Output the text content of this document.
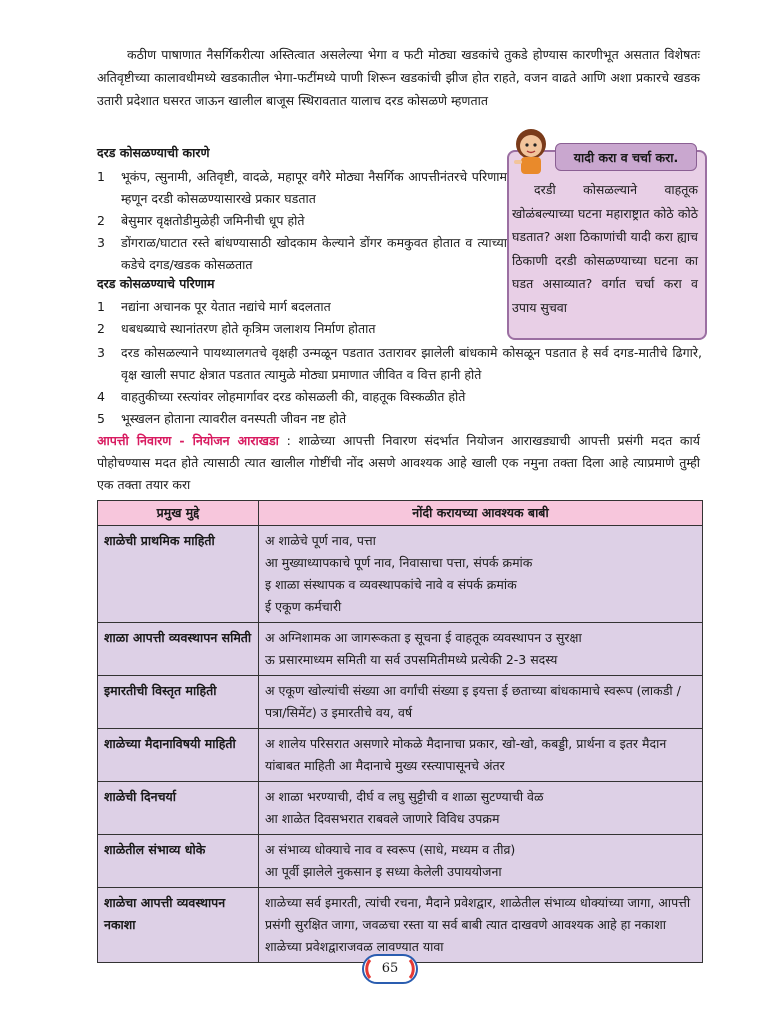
कठीण पाषाणात नैसर्गिकरीत्या अस्तित्वात असलेल्या भेगा व फटी मोठ्या खडकांचे तुकडे होण्यास कारणीभूत असतात विशेषतः अतिवृष्टीच्या कालावधीमध्ये खडकातील भेगा-फटींमध्ये पाणी शिरून खडकांची झीज होत राहते, वजन वाढते आणि अशा प्रकारचे खडक उतारी प्रदेशात घसरत जाऊन खालील बाजूस स्थिरावतात यालाच दरड कोसळणे म्हणतात

दरड कोसळण्याची कारणे
1	भूकंप, त्सुनामी, अतिवृष्टी, वादळे, महापूर वगैरे मोठ्या नैसर्गिक आपत्तीनंतरचे परिणाम म्हणून दरडी कोसळण्यासारखे प्रकार घडतात
2	बेसुमार वृक्षतोडीमुळेही जमिनीची धूप होते
3	डोंगराळ/घाटात रस्ते बांधण्यासाठी खोदकाम केल्याने डोंगर कमकुवत होतात व त्याच्या कडेचे दगड/खडक कोसळतात
दरड कोसळण्याचे परिणाम
1	नद्यांना अचानक पूर येतात नद्यांचे मार्ग बदलतात
2	धबधब्याचे स्थानांतरण होते कृत्रिम जलाशय निर्माण होतात
3	दरड कोसळल्याने पायथ्यालगतचे वृक्षही उन्मळून पडतात उतारावर झालेली बांधकामे कोसळून पडतात हे सर्व दगड-मातीचे ढिगारे, वृक्ष खाली सपाट क्षेत्रात पडतात त्यामुळे मोठ्या प्रमाणात जीवित व वित्त हानी होते
4	वाहतुकीच्या रस्त्यांवर लोहमार्गावर दरड कोसळली की, वाहतूक विस्कळीत होते
5	भूस्खलन होताना त्यावरील वनस्पती जीवन नष्ट होते

आपत्ती निवारण - नियोजन आराखडा : शाळेच्या आपत्ती निवारण संदर्भात नियोजन आराखड्याची आपत्ती प्रसंगी मदत कार्य पोहोचण्यास मदत होते त्यासाठी त्यात खालील गोष्टींची नोंद असणे आवश्यक आहे खाली एक नमुना तक्ता दिला आहे त्याप्रमाणे तुम्ही एक तक्ता तयार करा

यादी करा व चर्चा करा.
दरडी कोसळल्याने वाहतूक खोळंबल्याच्या घटना महाराष्ट्रात कोठे कोठे घडतात? अशा ठिकाणांची यादी करा ह्याच ठिकाणी दरडी कोसळण्याच्या घटना का घडत असाव्यात? वर्गात चर्चा करा व उपाय सुचवा
प्रमुख मुद्दे	नोंदी करायच्या आवश्यक बाबी
शाळेची प्राथमिक माहिती	अ शाळेचे पूर्ण नाव, पत्ता
आ मुख्याध्यापकाचे पूर्ण नाव, निवासाचा पत्ता, संपर्क क्रमांक
इ शाळा संस्थापक व व्यवस्थापकांचे नावे व संपर्क क्रमांक
ई एकूण कर्मचारी

शाळा आपत्ती व्यवस्थापन समिती	अ अग्निशामक आ जागरूकता इ सूचना ई वाहतूक व्यवस्थापन उ सुरक्षा
ऊ प्रसारमाध्यम समिती या सर्व उपसमितीमध्ये प्रत्येकी 2-3 सदस्य

इमारतीची विस्तृत माहिती	अ एकूण खोल्यांची संख्या आ वर्गांची संख्या इ इयत्ता ई छताच्या बांधकामाचे स्वरूप (लाकडी /पत्रा/सिमेंट) उ इमारतीचे वय, वर्ष

शाळेच्या मैदानाविषयी माहिती	अ शालेय परिसरात असणारे मोकळे मैदानाचा प्रकार, खो-खो, कबड्डी, प्रार्थना व इतर मैदान यांबाबत माहिती आ मैदानाचे मुख्य रस्त्यापासूनचे अंतर

शाळेची दिनचर्या	अ शाळा भरण्याची, दीर्घ व लघु सुट्टीची व शाळा सुटण्याची वेळ
आ शाळेत दिवसभरात राबवले जाणारे विविध उपक्रम

शाळेतील संभाव्य धोके	अ संभाव्य धोक्याचे नाव व स्वरूप (साधे, मध्यम व तीव्र)
आ पूर्वी झालेले नुकसान इ सध्या केलेली उपाययोजना

शाळेचा आपत्ती व्यवस्थापन नकाशा	शाळेच्या सर्व इमारती, त्यांची रचना, मैदाने प्रवेशद्वार, शाळेतील संभाव्य धोक्यांच्या जागा, आपत्ती प्रसंगी सुरक्षित जागा, जवळचा रस्ता या सर्व बाबी त्यात दाखवणे आवश्यक आहे हा नकाशा शाळेच्या प्रवेशद्वाराजवळ लावण्यात यावा
65
